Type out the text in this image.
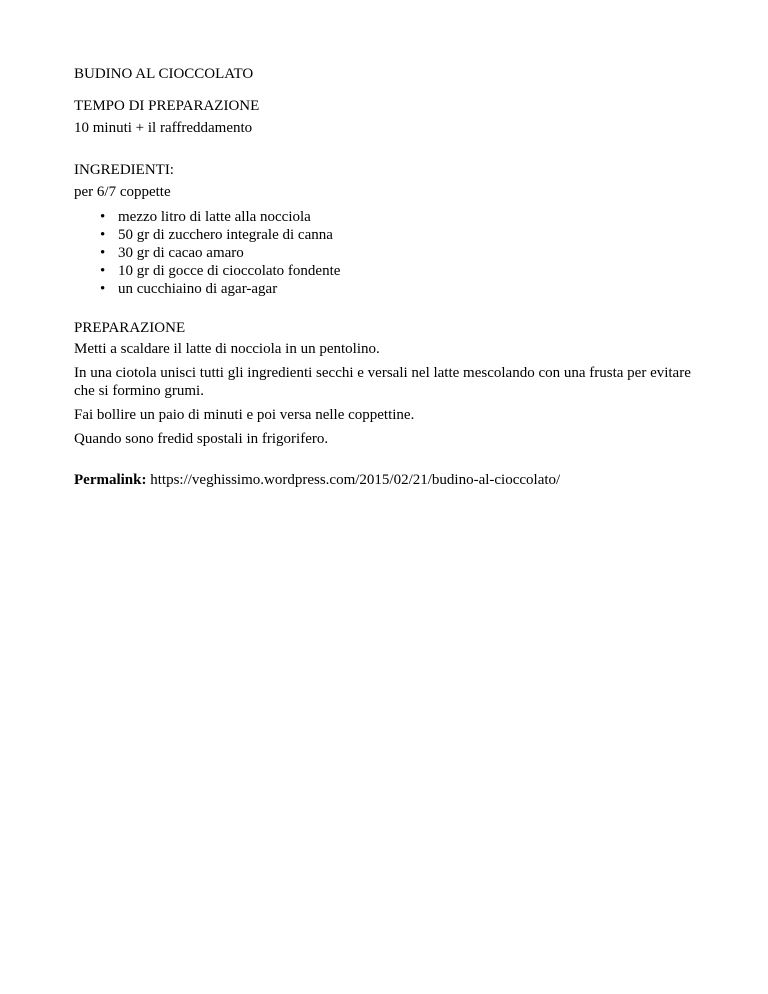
BUDINO AL CIOCCOLATO

TEMPO DI PREPARAZIONE

10 minuti + il raffreddamento

INGREDIENTI:

per 6/7 coppette

• mezzo litro di latte alla nocciola
• 50 gr di zucchero integrale di canna
• 30 gr di cacao amaro
• 10 gr di gocce di cioccolato fondente
• un cucchiaino di agar-agar

PREPARAZIONE

Metti a scaldare il latte di nocciola in un pentolino.

In una ciotola unisci tutti gli ingredienti secchi e versali nel latte mescolando con una frusta per evitare che si formino grumi.

Fai bollire un paio di minuti e poi versa nelle coppettine.

Quando sono fredid spostali in frigorifero.

Permalink: https://veghissimo.wordpress.com/2015/02/21/budino-al-cioccolato/
